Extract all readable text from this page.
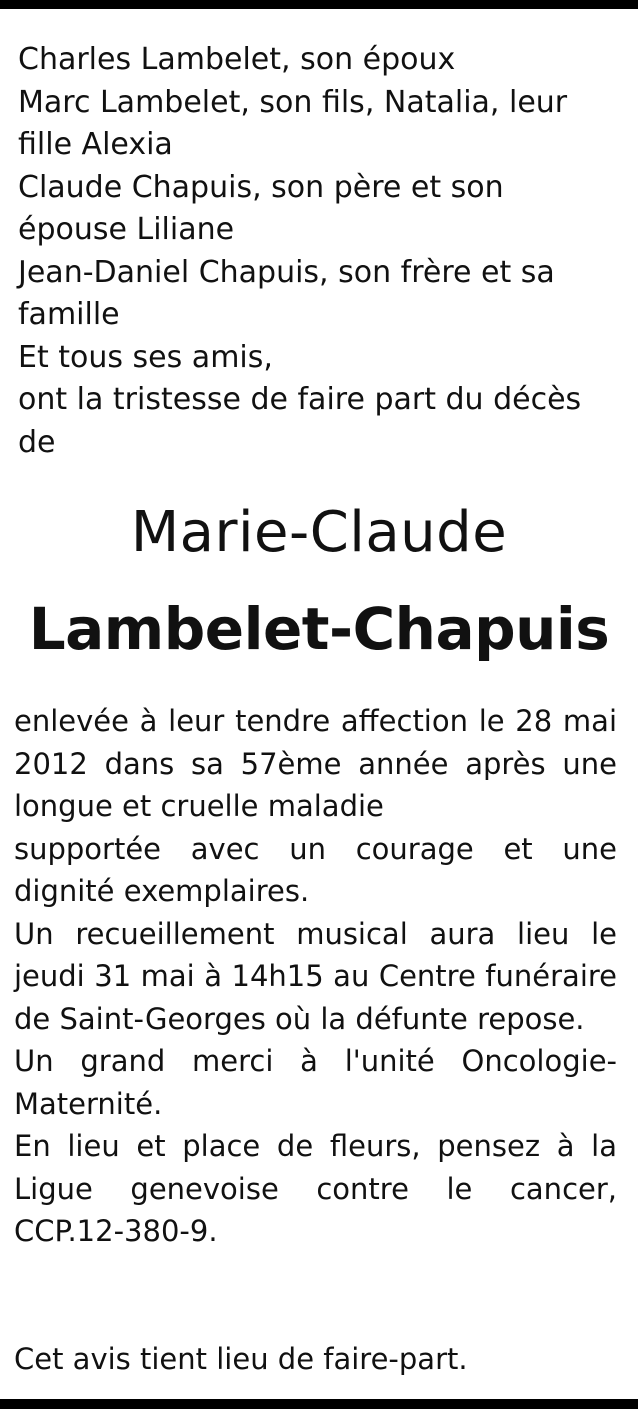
Charles Lambelet, son époux
Marc Lambelet, son fils, Natalia, leur fille Alexia
Claude Chapuis, son père et son épouse Liliane
Jean-Daniel Chapuis, son frère et sa famille
Et tous ses amis,
ont la tristesse de faire part du décès de
Marie-Claude
Lambelet-Chapuis

enlevée à leur tendre affection le 28 mai 2012 dans sa 57ème année après une longue et cruelle maladie

supportée avec un courage et une dignité exemplaires.

Un recueillement musical aura lieu le jeudi 31 mai à 14h15 au Centre funéraire de Saint-Georges où la défunte repose.

Un grand merci à l'unité Oncologie-Maternité.

En lieu et place de fleurs, pensez à la Ligue genevoise contre le cancer, CCP.12-380-9.

Cet avis tient lieu de faire-part.
